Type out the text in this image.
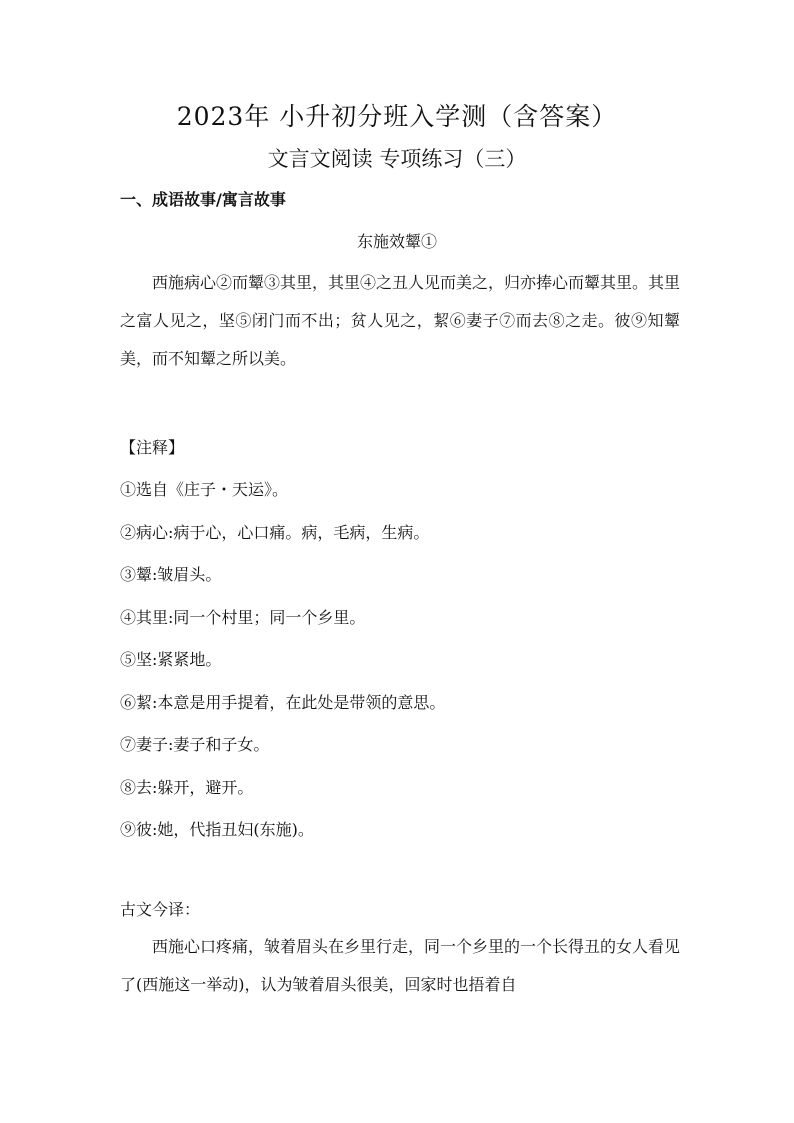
2023年 小升初分班入学测（含答案）
文言文阅读 专项练习（三）
一、成语故事/寓言故事
东施效颦①

西施病心②而颦③其里，其里④之丑人见而美之，归亦捧心而颦其里。其里之富人见之，坚⑤闭门而不出；贫人见之，絜⑥妻子⑦而去⑧之走。彼⑨知颦美，而不知颦之所以美。

【注释】
①选自《庄子・天运》。
②病心:病于心，心口痛。病，毛病，生病。
③颦:皱眉头。
④其里:同一个村里；同一个乡里。
⑤坚:紧紧地。
⑥絜:本意是用手提着，在此处是带领的意思。
⑦妻子:妻子和子女。
⑧去:躲开，避开。
⑨彼:她，代指丑妇(东施)。
古文今译：

西施心口疼痛，皱着眉头在乡里行走，同一个乡里的一个长得丑的女人看见了(西施这一举动)，认为皱着眉头很美，回家时也捂着自
